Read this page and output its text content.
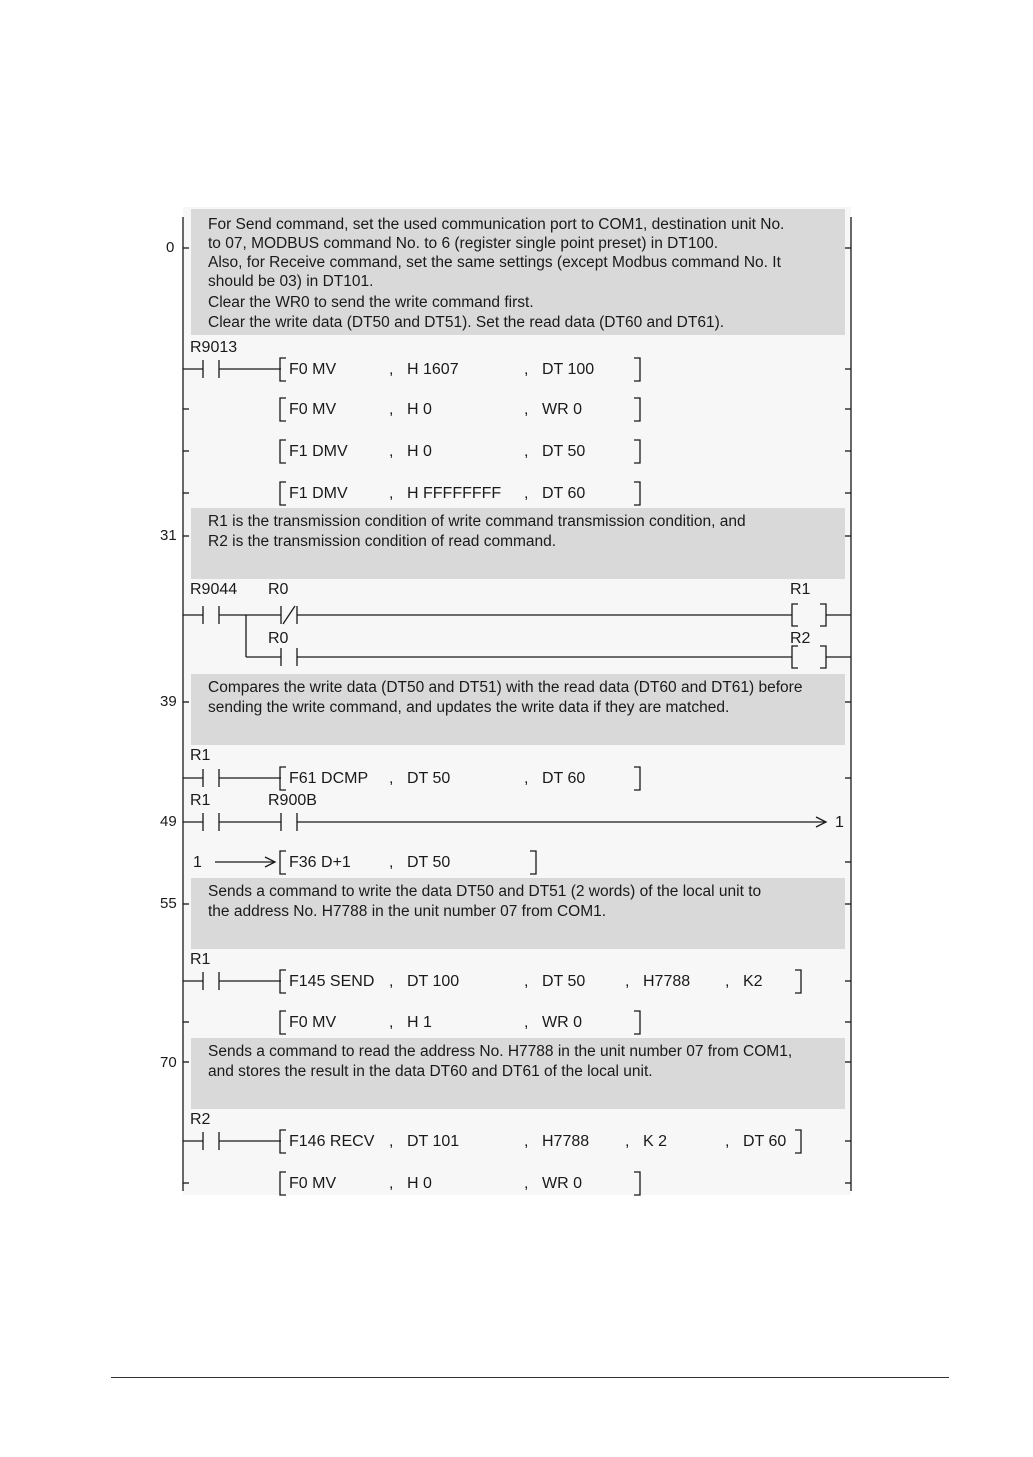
For Send command, set the used communication port to COM1, destination unit No.
to 07, MODBUS command No. to 6 (register single point preset) in DT100.
Also, for Receive command, set the same settings (except Modbus command No. It
should be 03) in DT101.
Clear the WR0 to send the write command first.
Clear the write data (DT50 and DT51). Set the read data (DT60 and DT61).
R1 is the transmission condition of write command transmission condition, and
R2 is the transmission condition of read command.
Compares the write data (DT50 and DT51) with the read data (DT60 and DT61) before
sending the write command, and updates the write data if they are matched.
Sends a command to write the data DT50 and DT51 (2 words) of the local unit to
the address No. H7788 in the unit number 07 from COM1.
Sends a command to read the address No. H7788 in the unit number 07 from COM1,
and stores the result in the data DT60 and DT61 of the local unit.
0
31
39
49
55
70
R9013
R9044 R0
R0
R1
R2
R1
R1	R900B
1
1
R1
R2
F0 MV	, H 1607	, DT 100
F0 MV	, H 0	, WR 0
F1 DMV	, H 0	, DT 50
F1 DMV	, H FFFFFFFF , DT 60
F61 DCMP , DT 50	, DT 60
F36 D+1 , DT 50
F145 SEND , DT 100	, DT 50 , H7788 , K2
F0 MV	, H 1	, WR 0
F146 RECV , DT 101	, H7788 , K 2	, DT 60
F0 MV	, H 0	, WR 0
